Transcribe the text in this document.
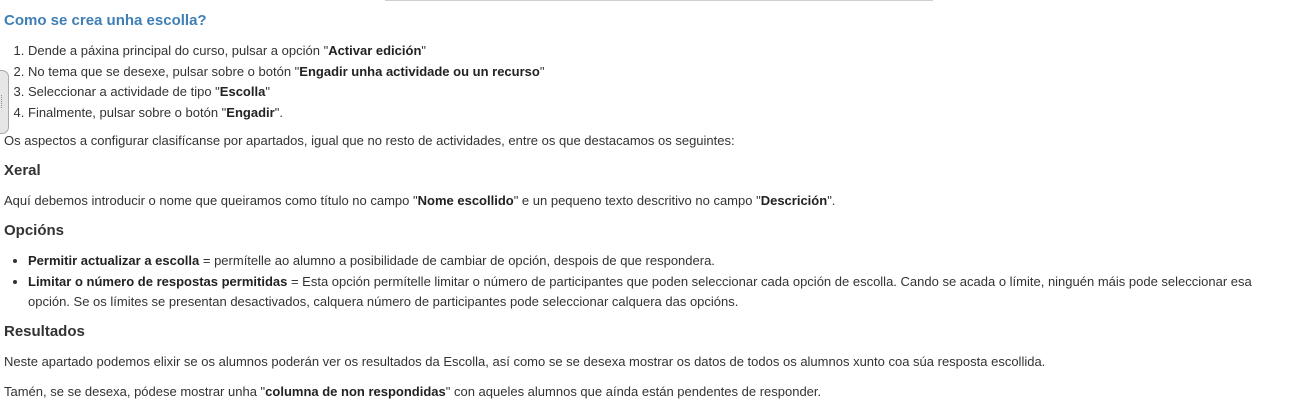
Como se crea unha escolla?
1. Dende a páxina principal do curso, pulsar a opción "Activar edición"
2. No tema que se desexe, pulsar sobre o botón "Engadir unha actividade ou un recurso"
3. Seleccionar a actividade de tipo "Escolla"
4. Finalmente, pulsar sobre o botón "Engadir".

Os aspectos a configurar clasifícanse por apartados, igual que no resto de actividades, entre os que destacamos os seguintes:

Xeral

Aquí debemos introducir o nome que queiramos como título no campo "Nome escollido" e un pequeno texto descritivo no campo "Descrición".

Opcións
• Permitir actualizar a escolla = permítelle ao alumno a posibilidade de cambiar de opción, despois de que respondera.
• Limitar o número de respostas permitidas = Esta opción permítelle limitar o número de participantes que poden seleccionar cada opción de escolla. Cando se acada o límite, ninguén máis pode seleccionar esa opción. Se os límites se presentan desactivados, calquera número de participantes pode seleccionar calquera das opcións.
Resultados

Neste apartado podemos elixir se os alumnos poderán ver os resultados da Escolla, así como se se desexa mostrar os datos de todos os alumnos xunto coa súa resposta escollida.

Tamén, se se desexa, pódese mostrar unha "columna de non respondidas" con aqueles alumnos que aínda están pendentes de responder.
